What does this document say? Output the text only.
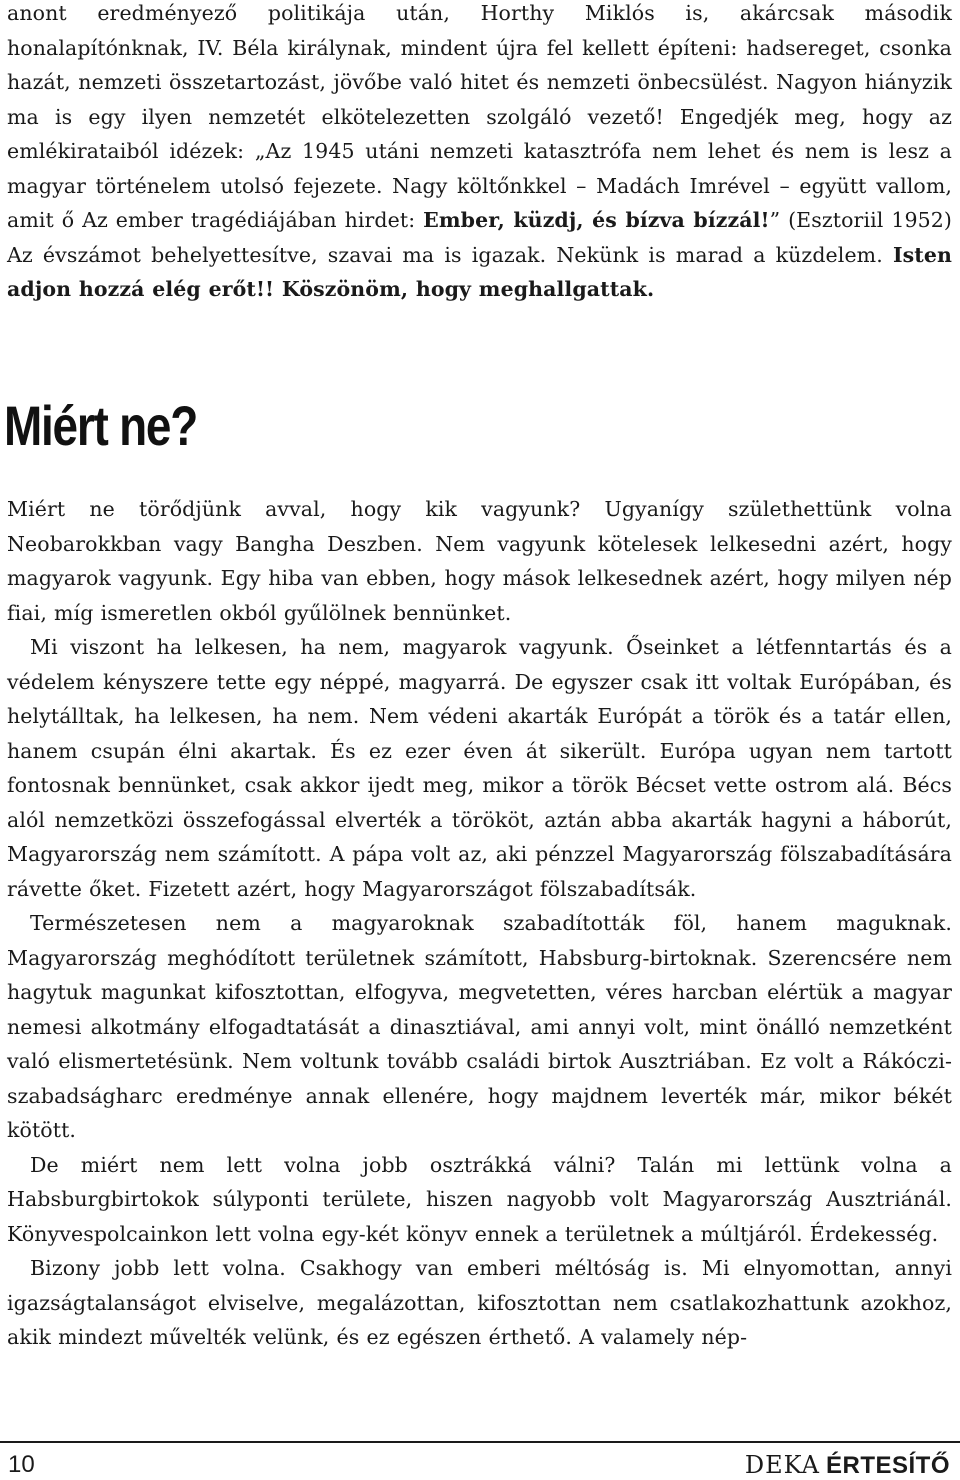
anont eredményező politikája után, Horthy Miklós is, akárcsak második honalapítónknak, IV. Béla királynak, mindent újra fel kellett építeni: hadsereget, csonka hazát, nemzeti összetartozást, jövőbe való hitet és nemzeti önbecsülést. Nagyon hiányzik ma is egy ilyen nemzetét elkötelezetten szolgáló vezető! Engedjék meg, hogy az emlékirataiból idézek: „Az 1945 utáni nemzeti katasztrófa nem lehet és nem is lesz a magyar történelem utolsó fejezete. Nagy költőnkkel – Madách Imrével – együtt vallom, amit ő Az ember tragédiájában hirdet: Ember, küzdj, és bízva bízzál!” (Esztoriil 1952) Az évszámot behelyettesítve, szavai ma is igazak. Nekünk is marad a küzdelem. Isten adjon hozzá elég erőt!! Köszönöm, hogy meghallgattak.

Miért ne?

Miért ne törődjünk avval, hogy kik vagyunk? Ugyanígy születhettünk volna Neobarokkban vagy Bangha Deszben. Nem vagyunk kötelesek lelkesedni azért, hogy magyarok vagyunk. Egy hiba van ebben, hogy mások lelkesednek azért, hogy milyen nép fiai, míg ismeretlen okból gyűlölnek bennünket.

Mi viszont ha lelkesen, ha nem, magyarok vagyunk. Őseinket a létfenntartás és a védelem kényszere tette egy néppé, magyarrá. De egyszer csak itt voltak Európában, és helytálltak, ha lelkesen, ha nem. Nem védeni akarták Európát a török és a tatár ellen, hanem csupán élni akartak. És ez ezer éven át sikerült. Európa ugyan nem tartott fontosnak bennünket, csak akkor ijedt meg, mikor a török Bécset vette ostrom alá. Bécs alól nemzetközi összefogással elverték a törököt, aztán abba akarták hagyni a háborút, Magyarország nem számított. A pápa volt az, aki pénzzel Magyarország fölszabadítására rávette őket. Fizetett azért, hogy Magyarországot fölszabadítsák.

Természetesen nem a magyaroknak szabadították föl, hanem maguknak. Magyarország meghódított területnek számított, Habsburg-birtoknak. Szerencsére nem hagytuk magunkat kifosztottan, elfogyva, megvetetten, véres harcban elértük a magyar nemesi alkotmány elfogadtatását a dinasztiával, ami annyi volt, mint önálló nemzetként való elismertetésünk. Nem voltunk tovább családi birtok Ausztriában. Ez volt a Rákóczi-szabadságharc eredménye annak ellenére, hogy majdnem leverték már, mikor békét kötött.

De miért nem lett volna jobb osztrákká válni? Talán mi lettünk volna a Habsburgbirtokok súlyponti területe, hiszen nagyobb volt Magyarország Ausztriánál. Könyvespolcainkon lett volna egy-két könyv ennek a területnek a múltjáról. Érdekesség.

Bizony jobb lett volna. Csakhogy van emberi méltóság is. Mi elnyomottan, annyi igazságtalanságot elviselve, megalázottan, kifosztottan nem csatlakozhattunk azokhoz, akik mindezt művelték velünk, és ez egészen érthető. A valamely nép-

10	DEKA ÉRTESÍTŐ
